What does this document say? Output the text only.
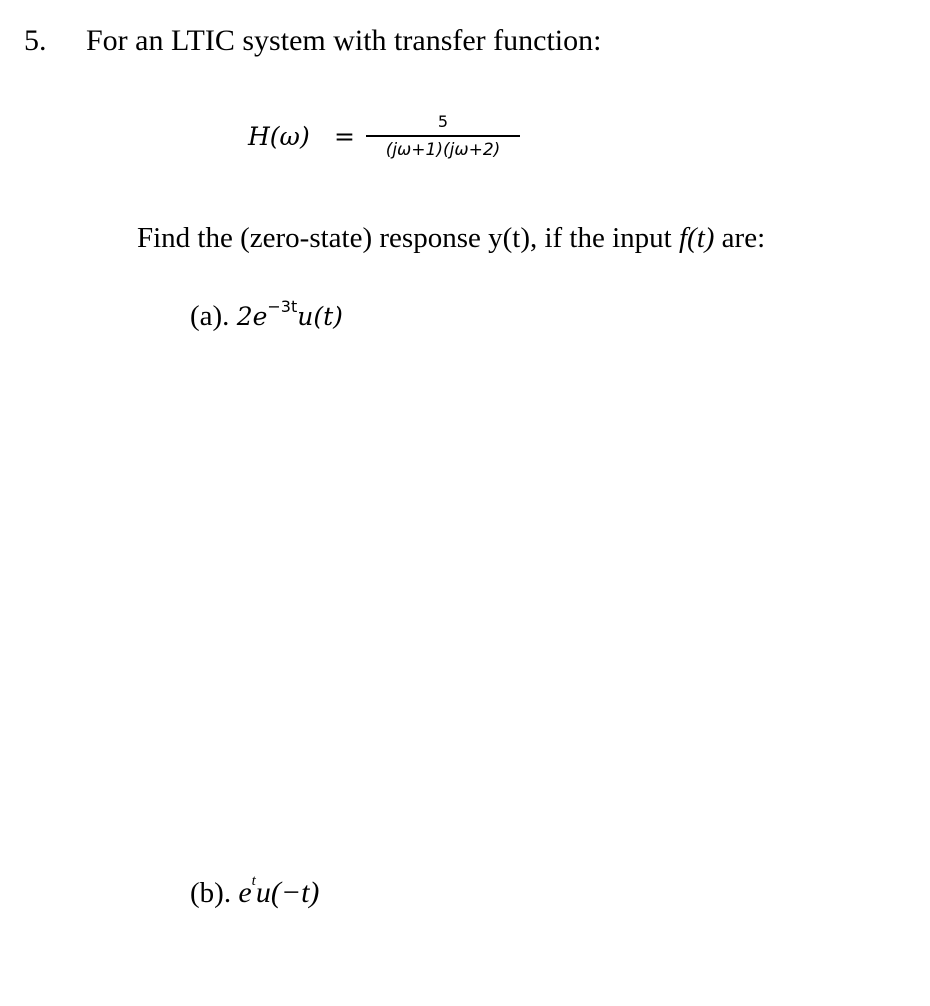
5. For an LTIC system with transfer function:
H(ω) =
5
(jω+1)(jω+2)
Find the (zero-state) response y(t), if the input f(t) are:
(a). $2e^{-3t}u(t)$
(b). $e^tu(-t)$
